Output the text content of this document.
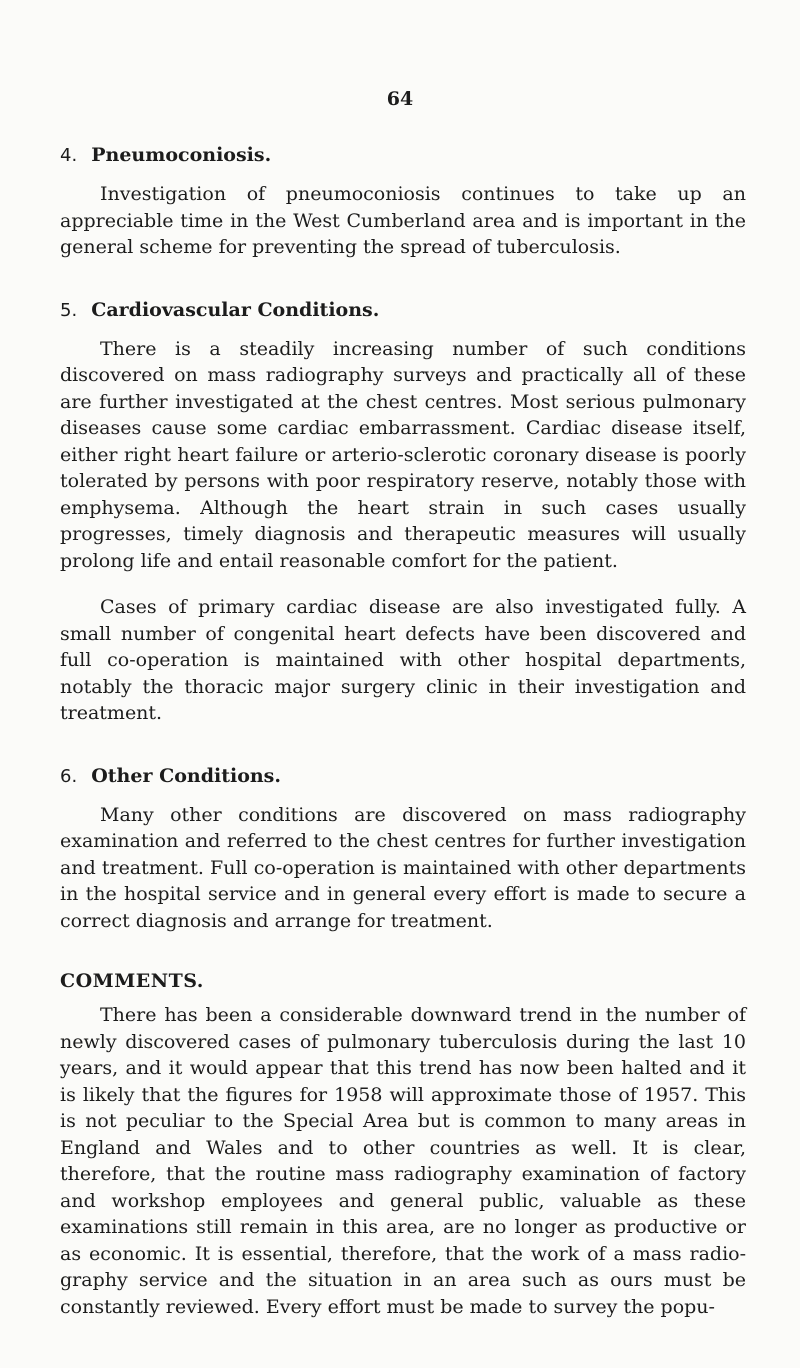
64
4. Pneumoconiosis.

Investigation of pneumoconiosis continues to take up an appreciable time in the West Cumberland area and is important in the general scheme for preventing the spread of tuberculosis.

5. Cardiovascular Conditions.

There is a steadily increasing number of such conditions discovered on mass radiography surveys and practically all of these are further investigated at the chest centres. Most serious pulmonary diseases cause some cardiac embarrassment. Cardiac disease itself, either right heart failure or arterio-sclerotic coronary disease is poorly tolerated by persons with poor respiratory reserve, notably those with emphysema. Although the heart strain in such cases usually progresses, timely diagnosis and therapeutic measures will usually prolong life and entail reasonable comfort for the patient.

Cases of primary cardiac disease are also investigated fully. A small number of congenital heart defects have been discovered and full co-operation is maintained with other hospital departments, notably the thoracic major surgery clinic in their investigation and treatment.

6. Other Conditions.

Many other conditions are discovered on mass radiography examination and referred to the chest centres for further investigation and treatment. Full co-operation is maintained with other departments in the hospital service and in general every effort is made to secure a correct diagnosis and arrange for treatment.

COMMENTS.

There has been a considerable downward trend in the number of newly discovered cases of pulmonary tuberculosis during the last 10 years, and it would appear that this trend has now been halted and it is likely that the figures for 1958 will approximate those of 1957. This is not peculiar to the Special Area but is common to many areas in England and Wales and to other countries as well. It is clear, therefore, that the routine mass radiography examination of factory and workshop employees and general public, valuable as these examinations still remain in this area, are no longer as productive or as economic. It is essential, therefore, that the work of a mass radio-graphy service and the situation in an area such as ours must be constantly reviewed. Every effort must be made to survey the popu-
